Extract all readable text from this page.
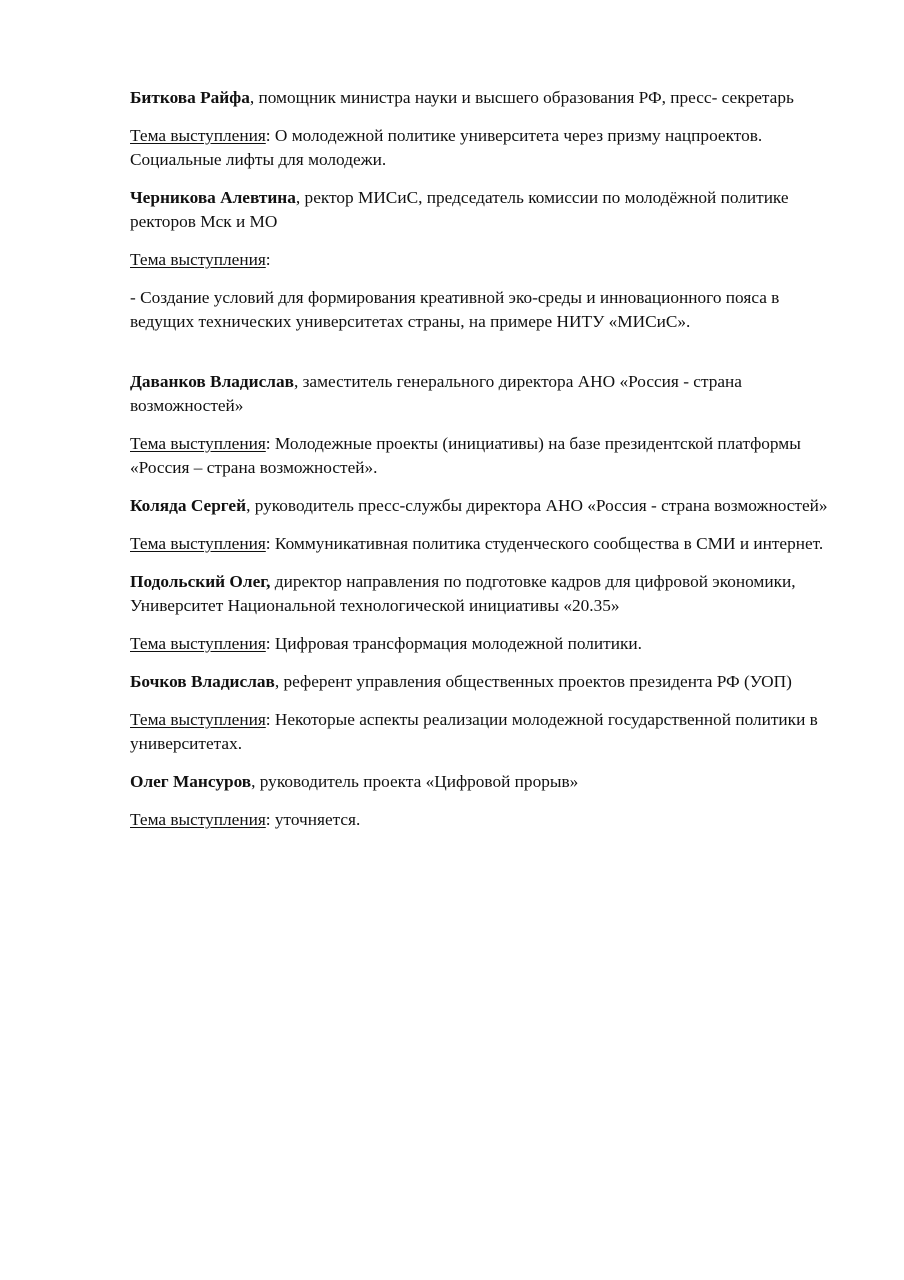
Биткова Райфа, помощник министра науки и высшего образования РФ, пресс- секретарь

Тема выступления: О молодежной политике университета через призму нацпроектов. Социальные лифты для молодежи.

Черникова Алевтина, ректор МИСиС, председатель комиссии по молодёжной политике ректоров Мск и МО

Тема выступления:

- Создание условий для формирования креативной эко-среды и инновационного пояса в ведущих технических университетах страны, на примере НИТУ «МИСиС».

Даванков Владислав, заместитель генерального директора АНО «Россия - страна возможностей»

Тема выступления: Молодежные проекты (инициативы) на базе президентской платформы «Россия – страна возможностей».

Коляда Сергей, руководитель пресс-службы директора АНО «Россия - страна возможностей»

Тема выступления: Коммуникативная политика студенческого сообщества в СМИ и интернет.

Подольский Олег, директор направления по подготовке кадров для цифровой экономики, Университет Национальной технологической инициативы «20.35»

Тема выступления: Цифровая трансформация молодежной политики.

Бочков Владислав, референт управления общественных проектов президента РФ (УОП)

Тема выступления: Некоторые аспекты реализации молодежной государственной политики в университетах.

Олег Мансуров, руководитель проекта «Цифровой прорыв»

Тема выступления: уточняется.
